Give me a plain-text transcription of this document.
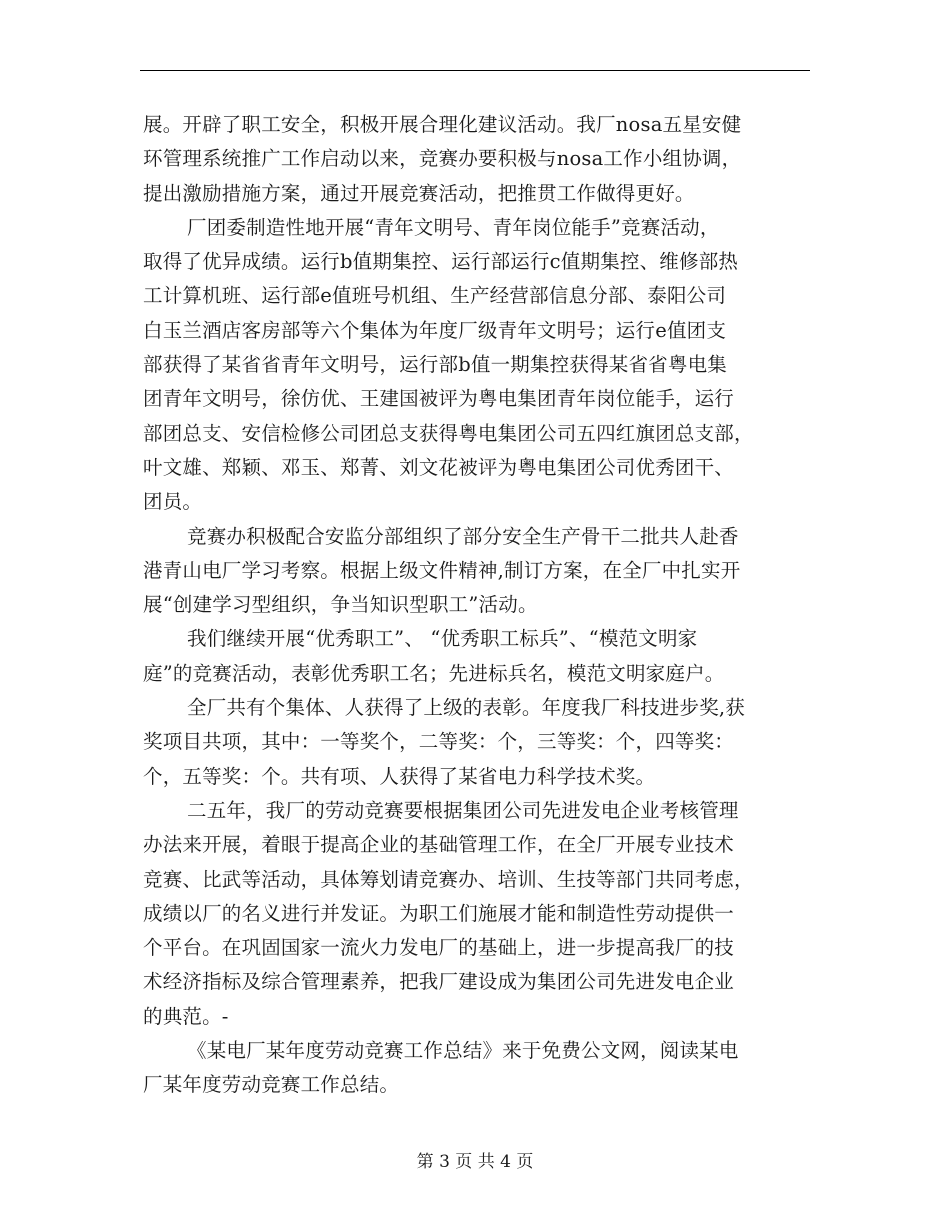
展。开辟了职工安全，积极开展合理化建议活动。我厂nosa五星安健
环管理系统推广工作启动以来，竞赛办要积极与nosa工作小组协调，
提出激励措施方案，通过开展竞赛活动，把推贯工作做得更好。
厂团委制造性地开展“青年文明号、青年岗位能手”竞赛活动，
取得了优异成绩。运行b值期集控、运行部运行c值期集控、维修部热
工计算机班、运行部e值班号机组、生产经营部信息分部、泰阳公司
白玉兰酒店客房部等六个集体为年度厂级青年文明号；运行e值团支
部获得了某省省青年文明号，运行部b值一期集控获得某省省粤电集
团青年文明号，徐仿优、王建国被评为粤电集团青年岗位能手，运行
部团总支、安信检修公司团总支获得粤电集团公司五四红旗团总支部，
叶文雄、郑颖、邓玉、郑菁、刘文花被评为粤电集团公司优秀团干、
团员。
竞赛办积极配合安监分部组织了部分安全生产骨干二批共人赴香
港青山电厂学习考察。根据上级文件精神,制订方案，在全厂中扎实开
展“创建学习型组织，争当知识型职工”活动。
我们继续开展“优秀职工”、 “优秀职工标兵”、“模范文明家
庭”的竞赛活动，表彰优秀职工名；先进标兵名，模范文明家庭户。
全厂共有个集体、人获得了上级的表彰。年度我厂科技进步奖,获
奖项目共项，其中：一等奖个，二等奖：个，三等奖：个，四等奖：
个，五等奖：个。共有项、人获得了某省电力科学技术奖。
二五年，我厂的劳动竞赛要根据集团公司先进发电企业考核管理
办法来开展，着眼于提高企业的基础管理工作，在全厂开展专业技术
竞赛、比武等活动，具体筹划请竞赛办、培训、生技等部门共同考虑，
成绩以厂的名义进行并发证。为职工们施展才能和制造性劳动提供一
个平台。在巩固国家一流火力发电厂的基础上，进一步提高我厂的技
术经济指标及综合管理素养，把我厂建设成为集团公司先进发电企业
的典范。-
《某电厂某年度劳动竞赛工作总结》来于免费公文网，阅读某电
厂某年度劳动竞赛工作总结。
第 3 页 共 4 页
